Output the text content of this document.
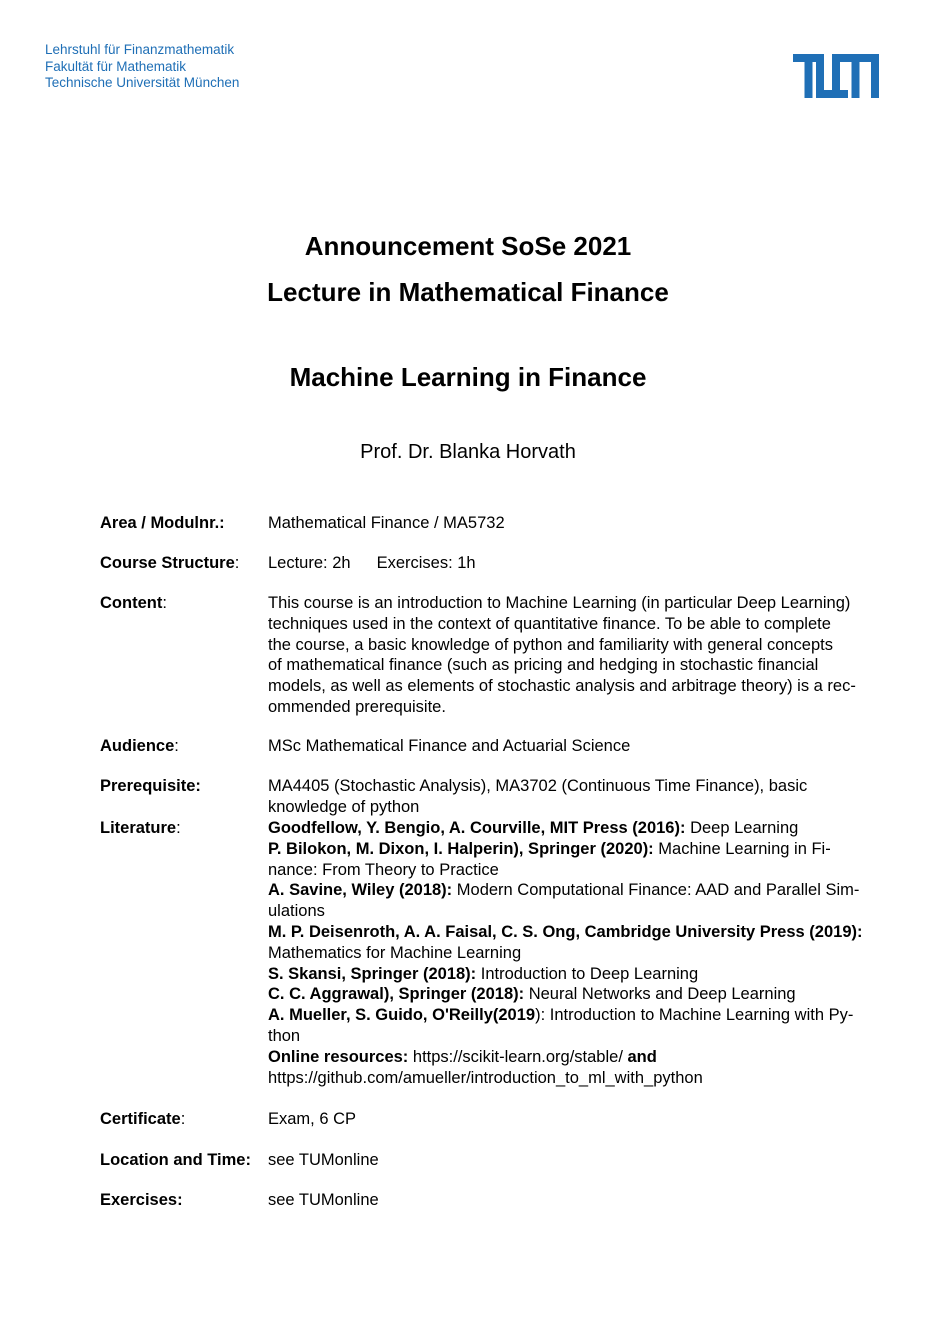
Lehrstuhl für Finanzmathematik
Fakultät für Mathematik
Technische Universität München
Announcement SoSe 2021
Lecture in Mathematical Finance
Machine Learning in Finance
Prof. Dr. Blanka Horvath
Area / Modulnr.:	Mathematical Finance / MA5732
Course Structure: Lecture: 2h Exercises: 1h
Content:	This course is an introduction to Machine Learning (in particular Deep Learning)
techniques used in the context of quantitative finance. To be able to complete
the course, a basic knowledge of python and familiarity with general concepts
of mathematical finance (such as pricing and hedging in stochastic financial
models, as well as elements of stochastic analysis and arbitrage theory) is a rec-
ommended prerequisite.
Audience:	MSc Mathematical Finance and Actuarial Science
Prerequisite:	MA4405 (Stochastic Analysis), MA3702 (Continuous Time Finance), basic
knowledge of python
Literature:	Goodfellow, Y. Bengio, A. Courville, MIT Press (2016): Deep Learning
P. Bilokon, M. Dixon, I. Halperin), Springer (2020): Machine Learning in Fi-
nance: From Theory to Practice
A. Savine, Wiley (2018): Modern Computational Finance: AAD and Parallel Sim-
ulations
M. P. Deisenroth, A. A. Faisal, C. S. Ong, Cambridge University Press (2019):
Mathematics for Machine Learning
S. Skansi, Springer (2018): Introduction to Deep Learning
C. C. Aggrawal), Springer (2018): Neural Networks and Deep Learning
A. Mueller, S. Guido, O'Reilly(2019): Introduction to Machine Learning with Py-
thon
Online resources: https://scikit-learn.org/stable/ and
https://github.com/amueller/introduction_to_ml_with_python
Certificate:	Exam, 6 CP
Location and Time: see TUMonline
Exercises:	see TUMonline
